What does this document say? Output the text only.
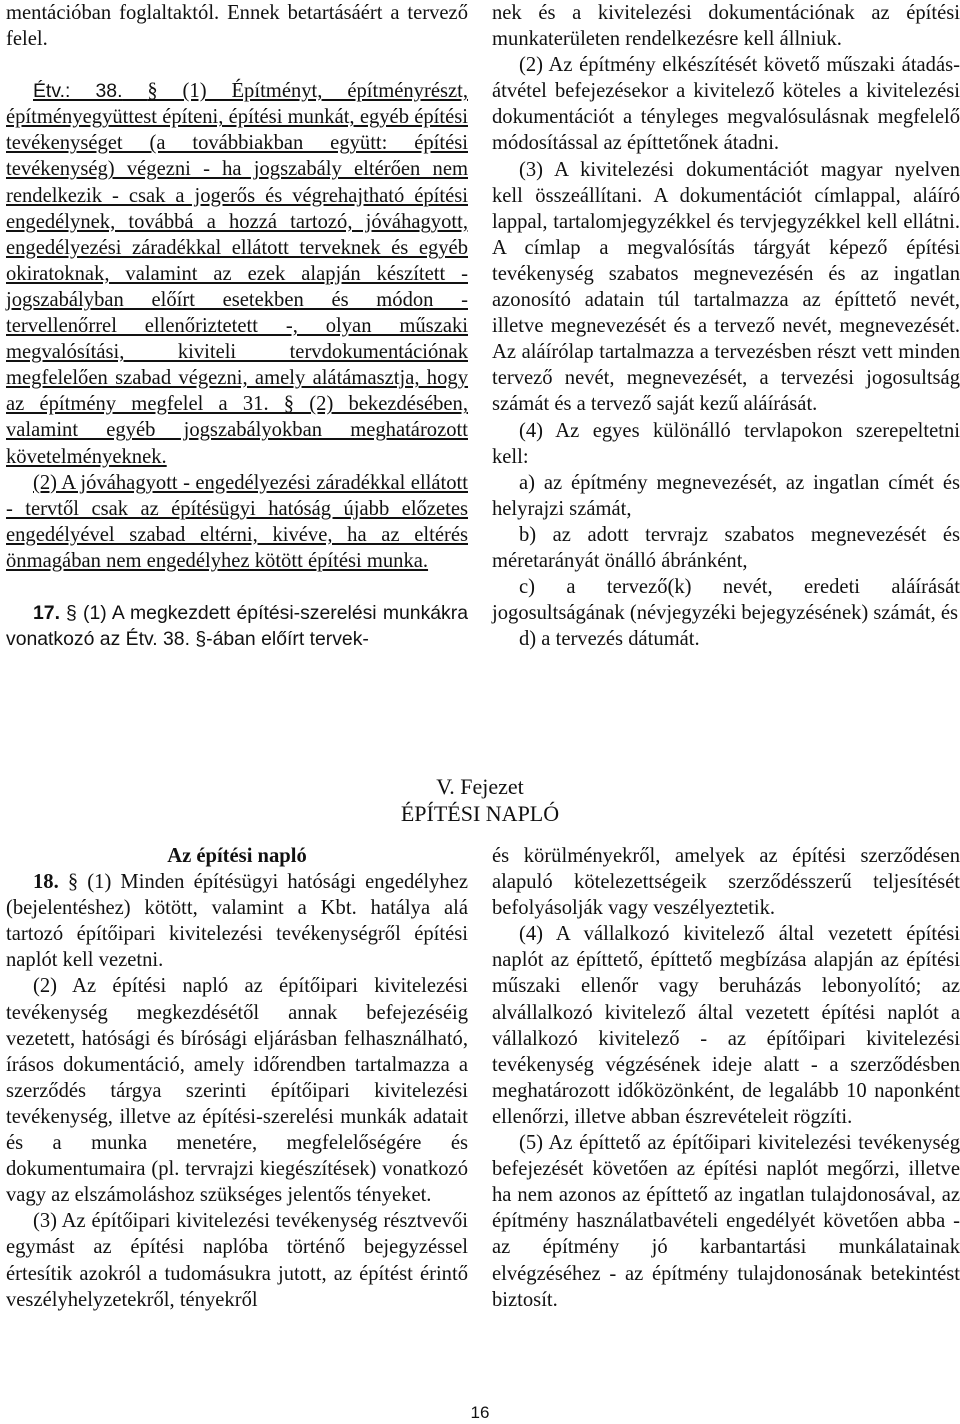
mentációban foglaltaktól. Ennek betartásáért a tervező felel.

Étv.: 38. § (1) Építményt, építményrészt, építményegyüttest építeni, építési munkát, egyéb építési tevékenységet (a továbbiakban együtt: építési tevékenység) végezni - ha jogszabály eltérően nem rendelkezik - csak a jogerős és végrehajtható építési engedélynek, továbbá a hozzá tartozó, jóváhagyott, engedélyezési záradékkal ellátott terveknek és egyéb okiratoknak, valamint az ezek alapján készített - jogszabályban előírt esetekben és módon - tervellenőrrel ellenőriztetett -, olyan műszaki megvalósítási, kiviteli tervdokumentációnak megfelelően szabad végezni, amely alátámasztja, hogy az építmény megfelel a 31. § (2) bekezdésében, valamint egyéb jogszabályokban meghatározott követelményeknek.

(2) A jóváhagyott - engedélyezési záradékkal ellátott - tervtől csak az építésügyi hatóság újabb előzetes engedélyével szabad eltérni, kivéve, ha az eltérés önmagában nem engedélyhez kötött építési munka.

17. § (1) A megkezdett építési-szerelési munkákra vonatkozó az Étv. 38. §-ában előírt tervek-

nek és a kivitelezési dokumentációnak az építési munkaterületen rendelkezésre kell állniuk.

(2) Az építmény elkészítését követő műszaki átadás-átvétel befejezésekor a kivitelező köteles a kivitelezési dokumentációt a tényleges megvalósulásnak megfelelő módosítással az építtetőnek átadni.

(3) A kivitelezési dokumentációt magyar nyelven kell összeállítani. A dokumentációt címlappal, aláíró lappal, tartalomjegyzékkel és tervjegyzékkel kell ellátni. A címlap a megvalósítás tárgyát képező építési tevékenység szabatos megnevezésén és az ingatlan azonosító adatain túl tartalmazza az építtető nevét, illetve megnevezését és a tervező nevét, megnevezését. Az aláírólap tartalmazza a tervezésben részt vett minden tervező nevét, megnevezését, a tervezési jogosultság számát és a tervező saját kezű aláírását.

(4) Az egyes különálló tervlapokon szerepeltetni kell:

a) az építmény megnevezését, az ingatlan címét és helyrajzi számát,

b) az adott tervrajz szabatos megnevezését és méretarányát önálló ábránként,

c) a tervező(k) nevét, eredeti aláírását jogosultságának (névjegyzéki bejegyzésének) számát, és

d) a tervezés dátumát.

V. Fejezet
ÉPÍTÉSI NAPLÓ

Az építési napló

18. § (1) Minden építésügyi hatósági engedélyhez (bejelentéshez) kötött, valamint a Kbt. hatálya alá tartozó építőipari kivitelezési tevékenységről építési naplót kell vezetni.

(2) Az építési napló az építőipari kivitelezési tevékenység megkezdésétől annak befejezéséig vezetett, hatósági és bírósági eljárásban felhasználható, írásos dokumentáció, amely időrendben tartalmazza a szerződés tárgya szerinti építőipari kivitelezési tevékenység, illetve az építési-szerelési munkák adatait és a munka menetére, megfelelőségére és dokumentumaira (pl. tervrajzi kiegészítések) vonatkozó vagy az elszámoláshoz szükséges jelentős tényeket.

(3) Az építőipari kivitelezési tevékenység résztvevői egymást az építési naplóba történő bejegyzéssel értesítik azokról a tudomásukra jutott, az építést érintő veszélyhelyzetekről, tényekről

és körülményekről, amelyek az építési szerződésen alapuló kötelezettségeik szerződésszerű teljesítését befolyásolják vagy veszélyeztetik.

(4) A vállalkozó kivitelező által vezetett építési naplót az építtető, építtető megbízása alapján az építési műszaki ellenőr vagy beruházás lebonyolító; az alvállalkozó kivitelező által vezetett építési naplót a vállalkozó kivitelező - az építőipari kivitelezési tevékenység végzésének ideje alatt - a szerződésben meghatározott időközönként, de legalább 10 naponként ellenőrzi, illetve abban észrevételeit rögzíti.

(5) Az építtető az építőipari kivitelezési tevékenység befejezését követően az építési naplót megőrzi, illetve ha nem azonos az építtető az ingatlan tulajdonosával, az építmény használatbavételi engedélyét követően abba - az építmény jó karbantartási munkálatainak elvégzéséhez - az építmény tulajdonosának betekintést biztosít.

16
